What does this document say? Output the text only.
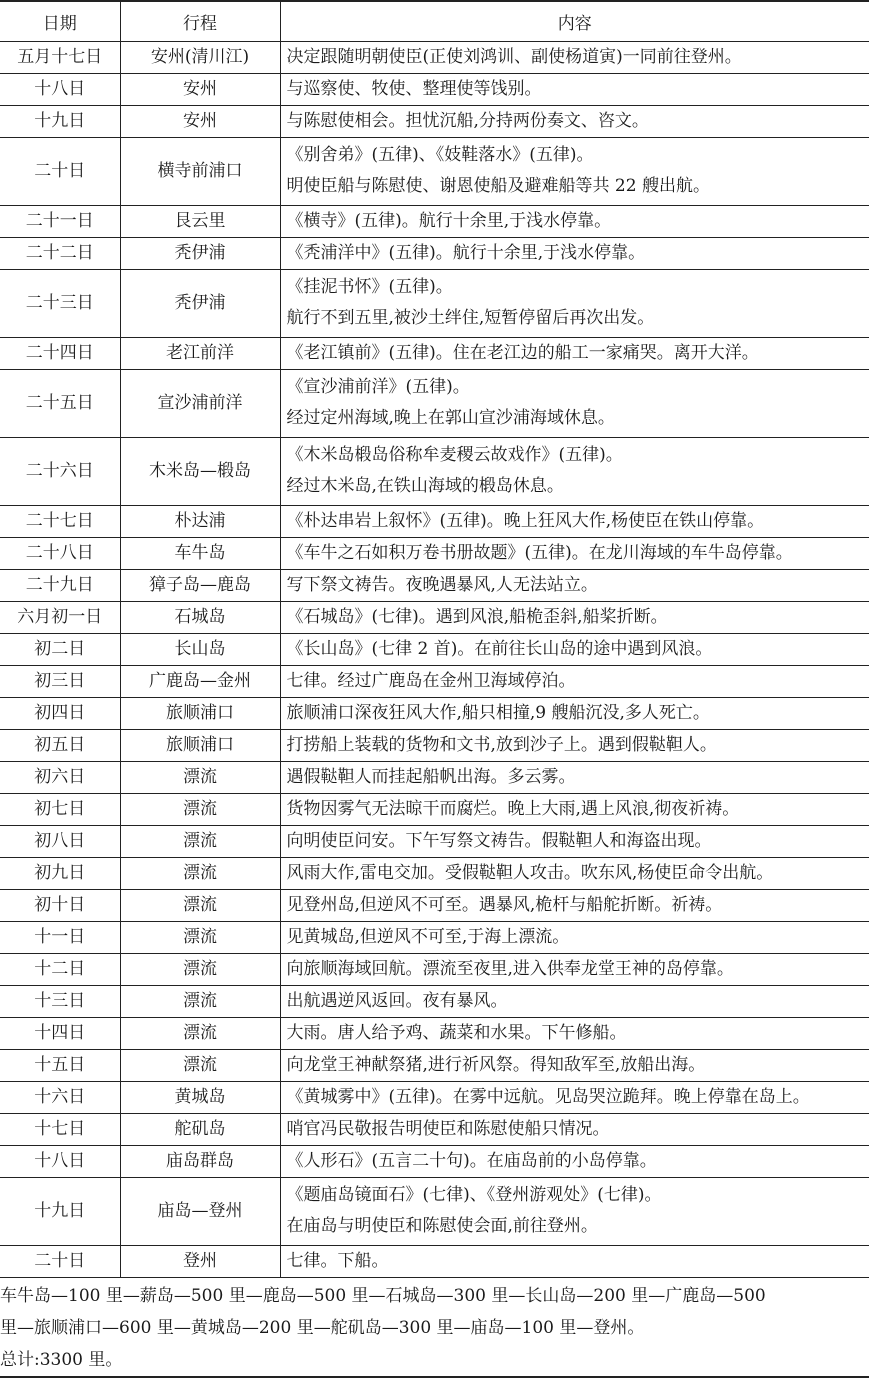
日期	行程	内容
五月十七日	安州(清川江)	决定跟随明朝使臣(正使刘鸿训、副使杨道寅)一同前往登州。

十八日	安州	与巡察使、牧使、整理使等饯别。

十九日	安州	与陈慰使相会。担忧沉船,分持两份奏文、咨文。

二十日	横寺前浦口	《别舍弟》(五律)、《妓鞋落水》(五律)。
明使臣船与陈慰使、谢恩使船及避难船等共 22 艘出航。

二十一日	艮云里	《横寺》(五律)。航行十余里,于浅水停靠。

二十二日	秃伊浦	《秃浦洋中》(五律)。航行十余里,于浅水停靠。

二十三日	秃伊浦	《挂泥书怀》(五律)。
航行不到五里,被沙土绊住,短暂停留后再次出发。

二十四日	老江前洋	《老江镇前》(五律)。住在老江边的船工一家痛哭。离开大洋。

二十五日	宣沙浦前洋	《宣沙浦前洋》(五律)。
经过定州海域,晚上在郭山宣沙浦海域休息。

二十六日	木米岛—椴岛	《木米岛椴岛俗称牟麦稷云故戏作》(五律)。
经过木米岛,在铁山海域的椴岛休息。

二十七日	朴达浦	《朴达串岩上叙怀》(五律)。晚上狂风大作,杨使臣在铁山停靠。

二十八日	车牛岛	《车牛之石如积万卷书册故题》(五律)。在龙川海域的车牛岛停靠。

二十九日	獐子岛—鹿岛	写下祭文祷告。夜晚遇暴风,人无法站立。

六月初一日	石城岛	《石城岛》(七律)。遇到风浪,船桅歪斜,船桨折断。

初二日	长山岛	《长山岛》(七律 2 首)。在前往长山岛的途中遇到风浪。

初三日	广鹿岛—金州	七律。经过广鹿岛在金州卫海域停泊。

初四日	旅顺浦口	旅顺浦口深夜狂风大作,船只相撞,9 艘船沉没,多人死亡。

初五日	旅顺浦口	打捞船上装载的货物和文书,放到沙子上。遇到假鞑靼人。

初六日	漂流	遇假鞑靼人而挂起船帆出海。多云雾。

初七日	漂流	货物因雾气无法晾干而腐烂。晚上大雨,遇上风浪,彻夜祈祷。

初八日	漂流	向明使臣问安。下午写祭文祷告。假鞑靼人和海盗出现。

初九日	漂流	风雨大作,雷电交加。受假鞑靼人攻击。吹东风,杨使臣命令出航。

初十日	漂流	见登州岛,但逆风不可至。遇暴风,桅杆与船舵折断。祈祷。

十一日	漂流	见黄城岛,但逆风不可至,于海上漂流。

十二日	漂流	向旅顺海域回航。漂流至夜里,进入供奉龙堂王神的岛停靠。

十三日	漂流	出航遇逆风返回。夜有暴风。

十四日	漂流	大雨。唐人给予鸡、蔬菜和水果。下午修船。

十五日	漂流	向龙堂王神献祭猪,进行祈风祭。得知敌军至,放船出海。

十六日	黄城岛	《黄城雾中》(五律)。在雾中远航。见岛哭泣跪拜。晚上停靠在岛上。

十七日	舵矶岛	哨官冯民敬报告明使臣和陈慰使船只情况。

十八日	庙岛群岛	《人形石》(五言二十句)。在庙岛前的小岛停靠。

十九日	庙岛—登州	《题庙岛镜面石》(七律)、《登州游观处》(七律)。
在庙岛与明使臣和陈慰使会面,前往登州。

二十日	登州	七律。下船。
车牛岛—100 里—薪岛—500 里—鹿岛—500 里—石城岛—300 里—长山岛—200 里—广鹿岛—500
里—旅顺浦口—600 里—黄城岛—200 里—舵矶岛—300 里—庙岛—100 里—登州。
总计:3300 里。
